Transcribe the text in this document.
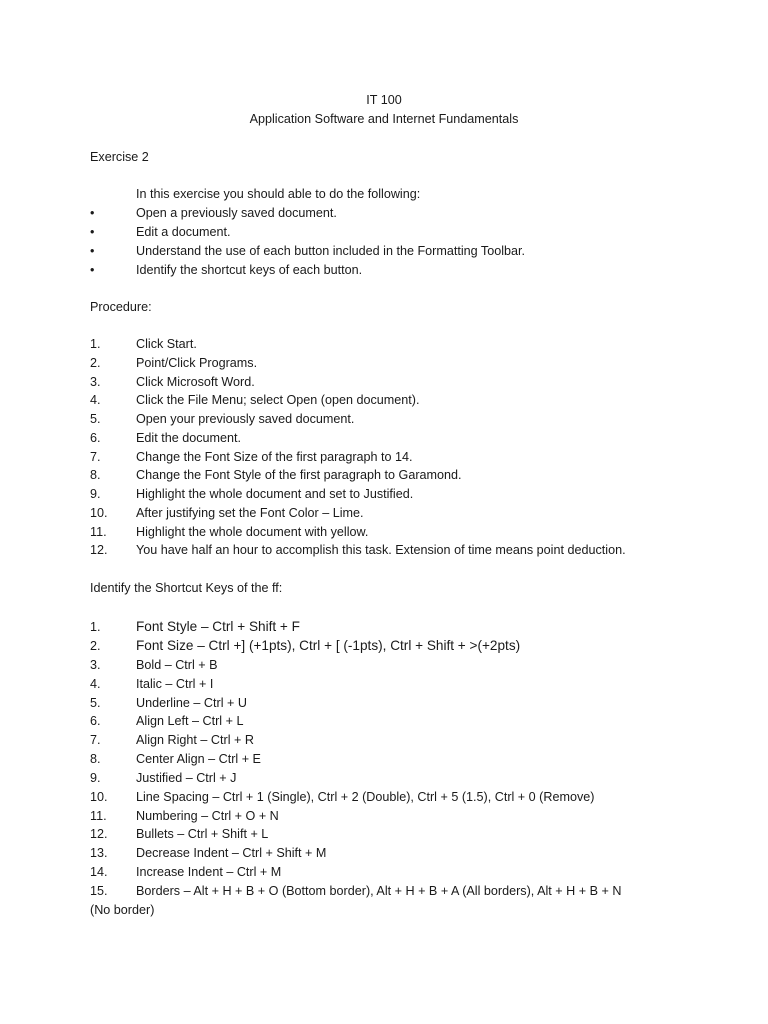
IT 100
Application Software and Internet Fundamentals
Exercise 2
In this exercise you should able to do the following:
•	Open a previously saved document.
•	Edit a document.
•	Understand the use of each button included in the Formatting Toolbar.
•	Identify the shortcut keys of each button.
Procedure:
1.	Click Start.
2.	Point/Click Programs.
3.	Click Microsoft Word.
4.	Click the File Menu; select Open (open document).
5.	Open your previously saved document.
6.	Edit the document.
7.	Change the Font Size of the first paragraph to 14.
8.	Change the Font Style of the first paragraph to Garamond.
9.	Highlight the whole document and set to Justified.
10. After justifying set the Font Color – Lime.
11. Highlight the whole document with yellow.
12. You have half an hour to accomplish this task. Extension of time means point deduction.
Identify the Shortcut Keys of the ff:
1.	Font Style – Ctrl + Shift + F
2.	Font Size – Ctrl +] (+1pts), Ctrl + [ (-1pts), Ctrl + Shift + >(+2pts)
3.	Bold – Ctrl + B
4.	Italic – Ctrl + I
5.	Underline – Ctrl + U
6.	Align Left – Ctrl + L
7.	Align Right – Ctrl + R
8.	Center Align – Ctrl + E
9.	Justified – Ctrl + J
10. Line Spacing – Ctrl + 1 (Single), Ctrl + 2 (Double), Ctrl + 5 (1.5), Ctrl + 0 (Remove)
11. Numbering – Ctrl + O + N
12. Bullets – Ctrl + Shift + L
13. Decrease Indent – Ctrl + Shift + M
14. Increase Indent – Ctrl + M
15. Borders – Alt + H + B + O (Bottom border), Alt + H + B + A (All borders), Alt + H + B + N
(No border)
